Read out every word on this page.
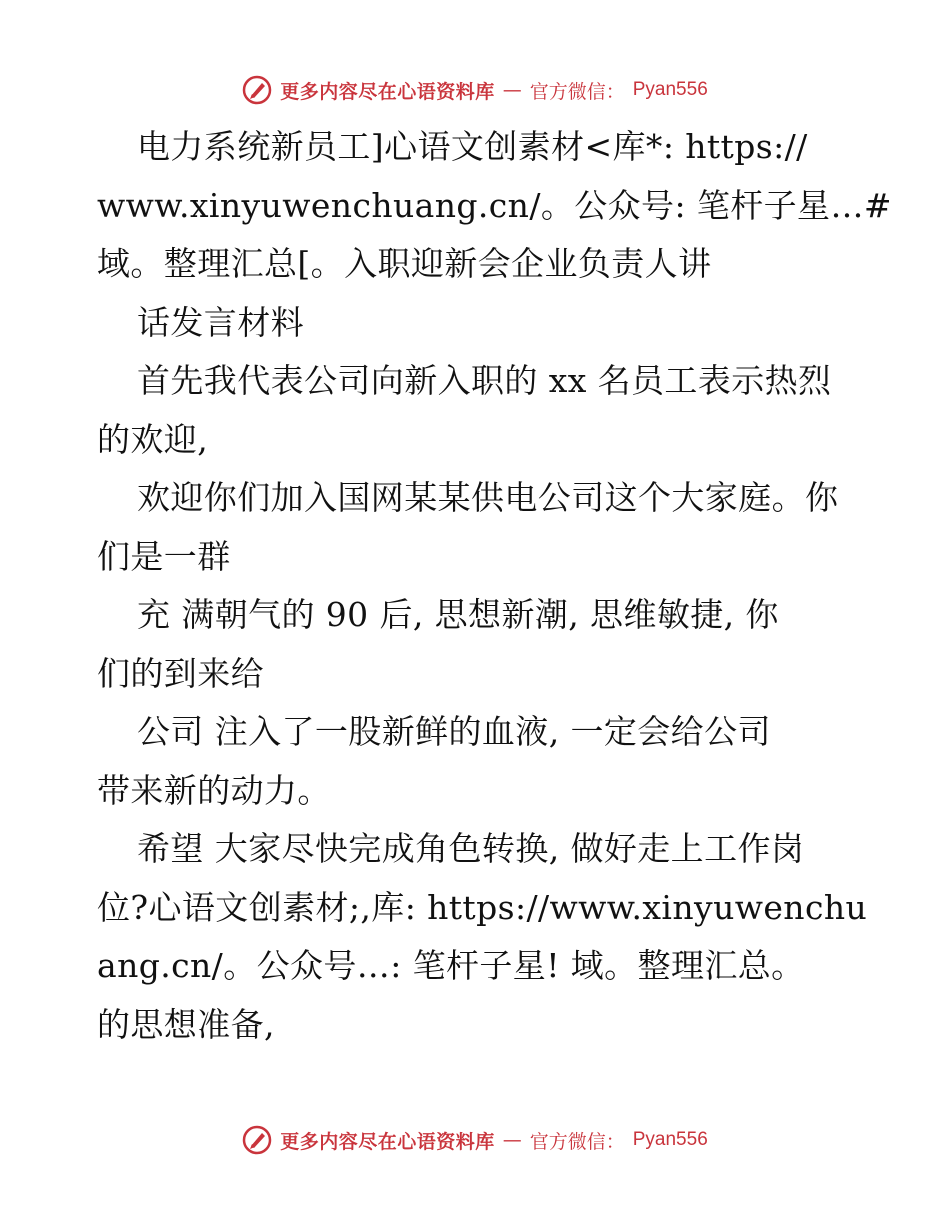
更多内容尽在心语资料库 — 官方微信： Pyan556
电力系统新员工]心语文创素材<库*: https://
www.xinyuwenchuang.cn/。公众号: 笔杆子星…#
域。整理汇总[。入职迎新会企业负责人讲
话发言材料
首先我代表公司向新入职的 xx 名员工表示热烈
的欢迎,
欢迎你们加入国网某某供电公司这个大家庭。你
们是一群
充 满朝气的 90 后, 思想新潮, 思维敏捷, 你
们的到来给
公司 注入了一股新鲜的血液, 一定会给公司
带来新的动力。
希望 大家尽快完成角色转换, 做好走上工作岗
位?心语文创素材;,库: https://www.xinyuwenchu
ang.cn/。公众号…: 笔杆子星! 域。整理汇总。
的思想准备,
更多内容尽在心语资料库 — 官方微信： Pyan556
